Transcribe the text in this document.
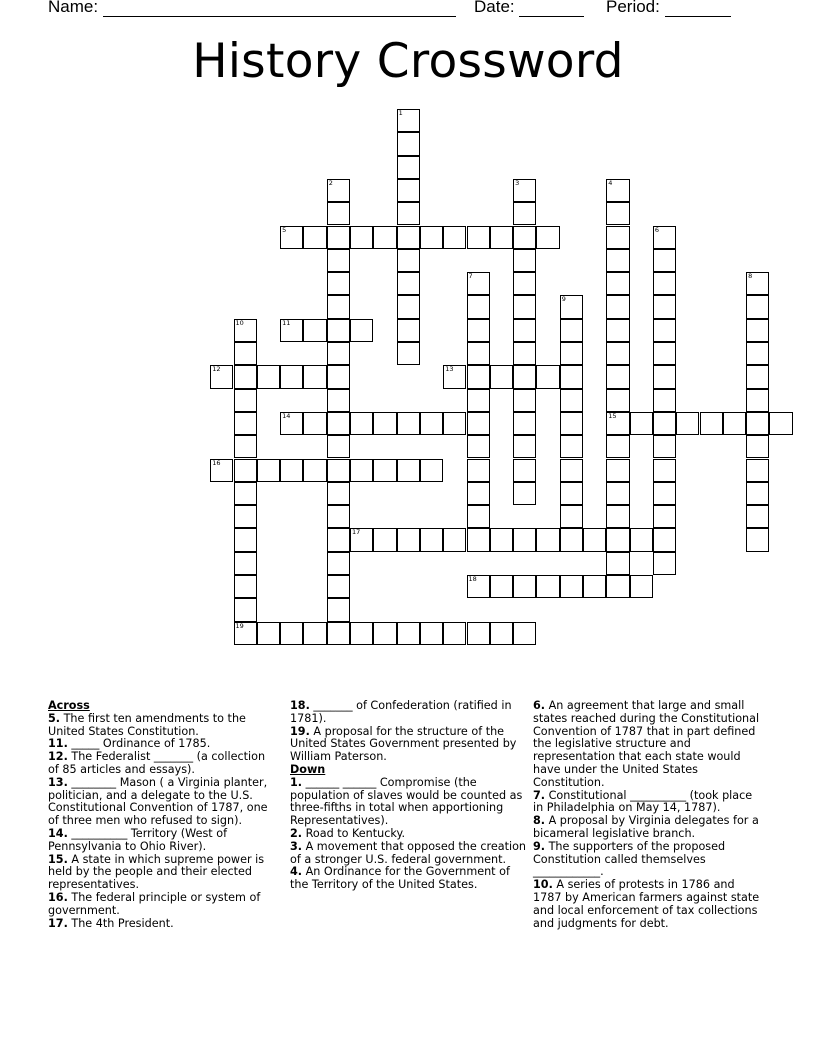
Name:	Date:	Period:
History Crossword
1
2	3	4
15
5	6
7	8
9
10
19
11
12	13
14
16
17
18

Across

5. The first ten amendments to the United States Constitution.

11. _____ Ordinance of 1785.

12. The Federalist _______ (a collection of 85 articles and essays).

13. ________ Mason ( a Virginia planter, politician, and a delegate to the U.S. Constitutional Convention of 1787, one of three men who refused to sign).

14. __________ Territory (West of Pennsylvania to Ohio River).

15. A state in which supreme power is held by the people and their elected representatives.

16. The federal principle or system of government.

17. The 4th President.

18. _______ of Confederation (ratified in 1781).

19. A proposal for the structure of the United States Government presented by William Paterson.

Down

1. ______ ______ Compromise (the population of slaves would be counted as three-fifths in total when apportioning Representatives).

2. Road to Kentucky.

3. A movement that opposed the creation of a stronger U.S. federal government.

4. An Ordinance for the Government of the Territory of the United States.

6. An agreement that large and small states reached during the Constitutional Convention of 1787 that in part defined the legislative structure and representation that each state would have under the United States Constitution.

7. Constitutional __________ (took place in Philadelphia on May 14, 1787).

8. A proposal by Virginia delegates for a bicameral legislative branch.

9. The supporters of the proposed Constitution called themselves ____________.

10. A series of protests in 1786 and 1787 by American farmers against state and local enforcement of tax collections and judgments for debt.
